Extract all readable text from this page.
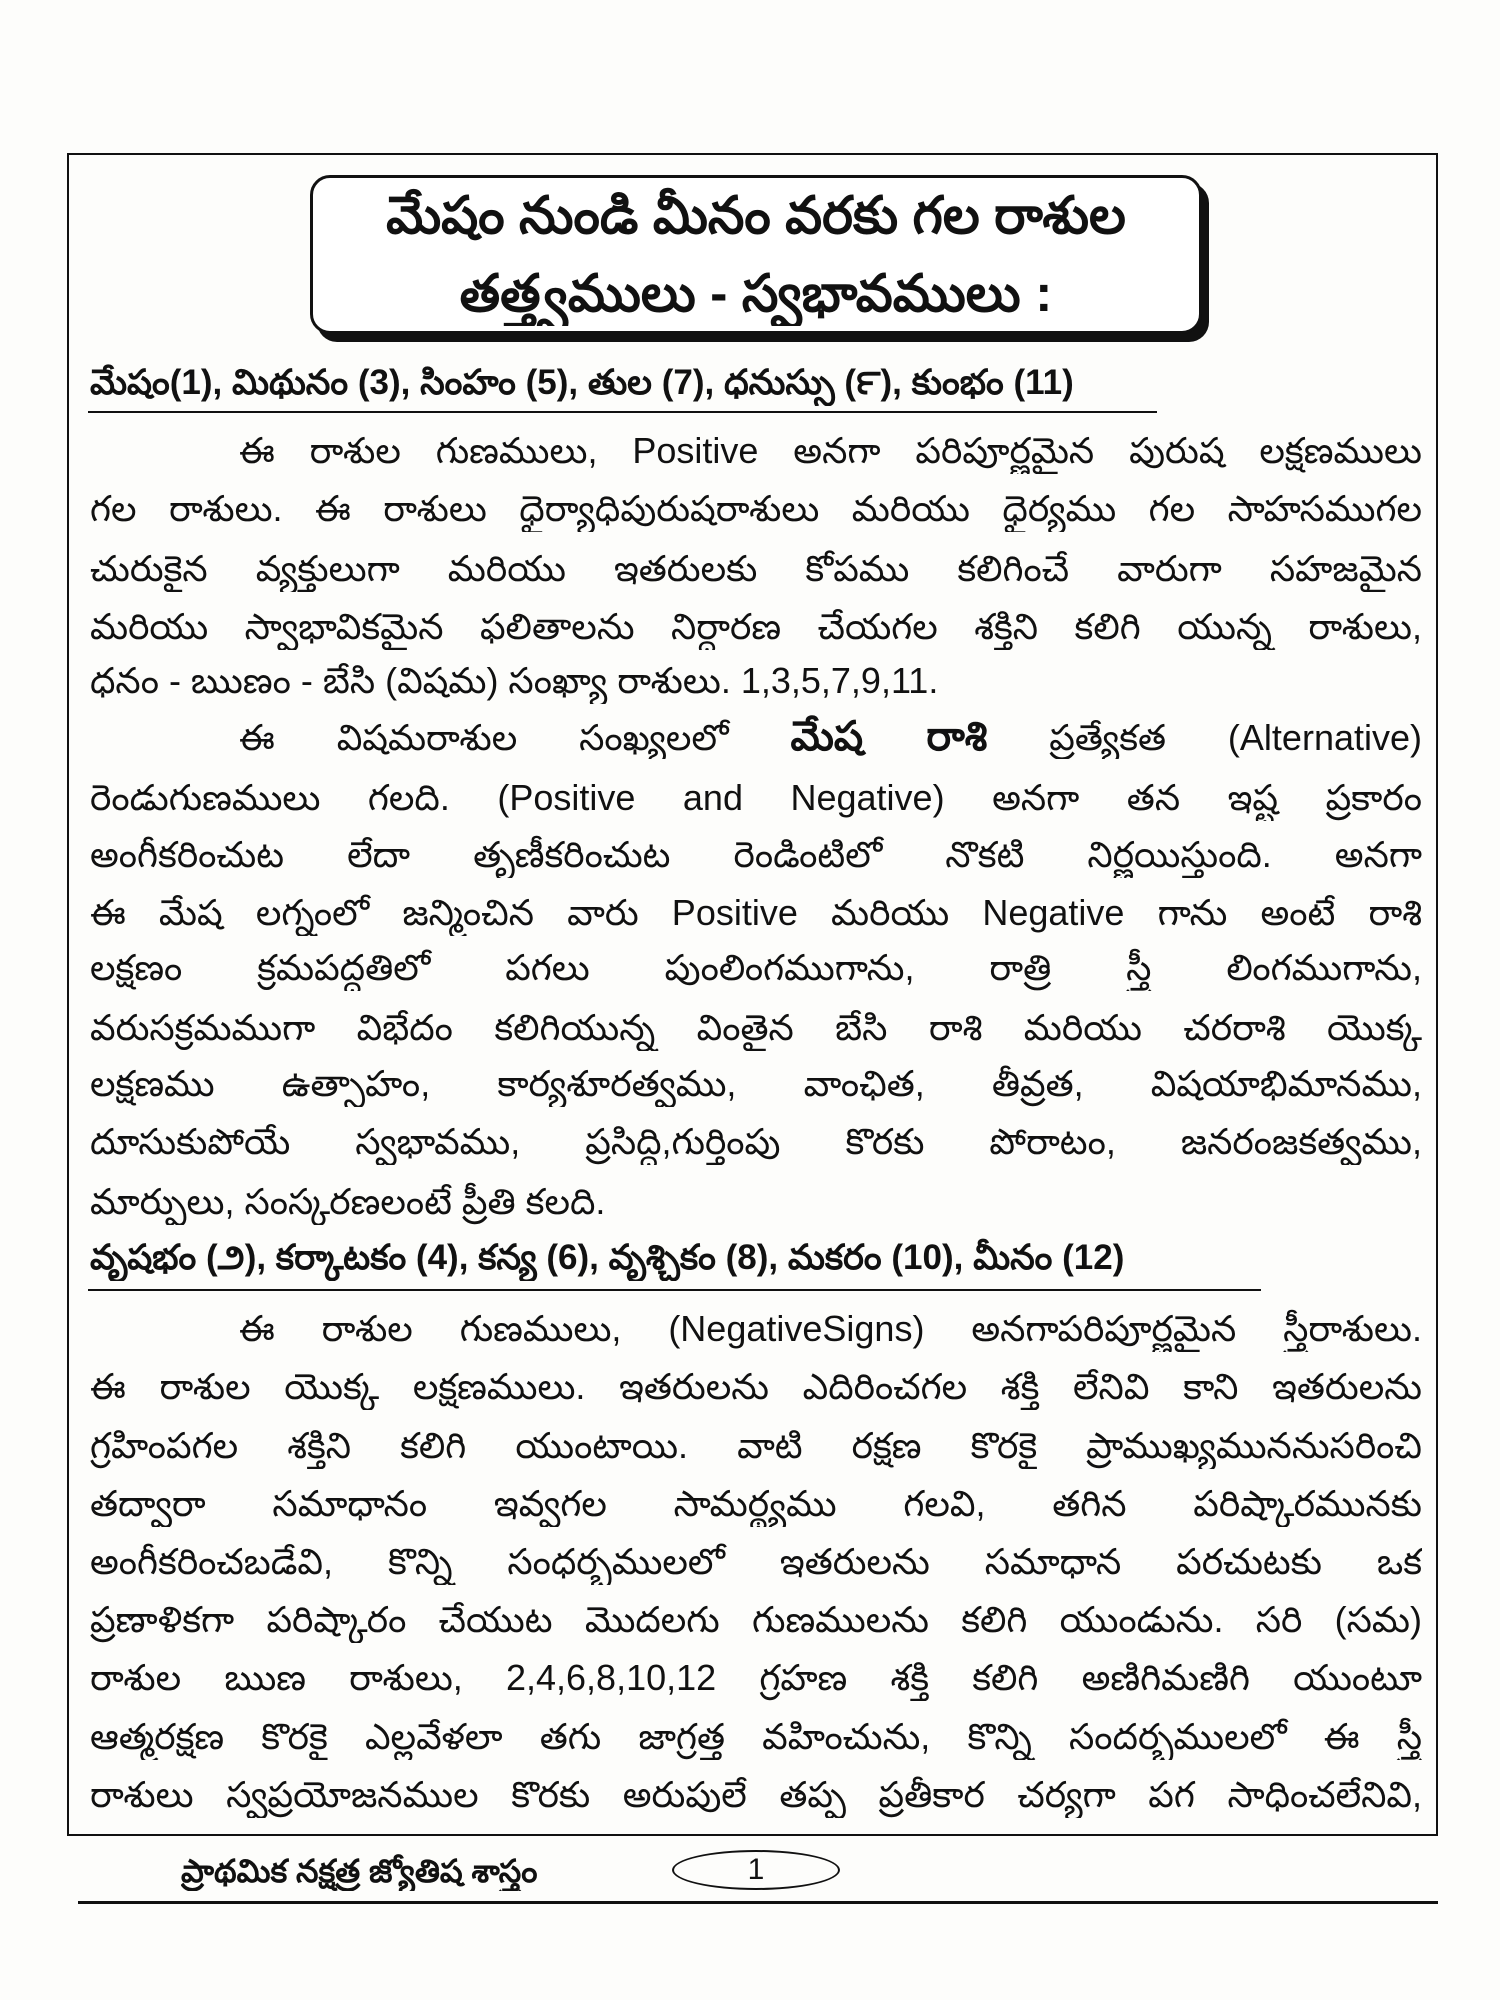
మేషం నుండి మీనం వరకు గల రాశుల
తత్త్వములు - స్వభావములు :
మేషం(1), మిథునం (3), సింహం (5), తుల (7), ధనుస్సు (౯), కుంభం (11)
ఈ రాశుల గుణములు, Positive అనగా పరిపూర్ణమైన పురుష లక్షణములు
గల రాశులు. ఈ రాశులు ధైర్యాధిపురుషరాశులు మరియు ధైర్యము గల సాహసముగల
చురుకైన వ్యక్తులుగా మరియు ఇతరులకు కోపము కలిగించే వారుగా సహజమైన
మరియు స్వాభావికమైన ఫలితాలను నిర్ధారణ చేయగల శక్తిని కలిగి యున్న రాశులు,
ధనం - ఋణం - బేసి (విషమ) సంఖ్యా రాశులు. 1,3,5,7,9,11.
ఈ విషమరాశుల సంఖ్యలలో మేష రాశి ప్రత్యేకత (Alternative)
రెండుగుణములు గలది. (Positive and Negative) అనగా తన ఇష్ట ప్రకారం
అంగీకరించుట లేదా తృణీకరించుట రెండింటిలో నొకటి నిర్ణయిస్తుంది. అనగా
ఈ మేష లగ్నంలో జన్మించిన వారు Positive మరియు Negative గాను అంటే రాశి
లక్షణం క్రమపద్ధతిలో పగలు పుంలింగముగాను, రాత్రి స్త్రీ లింగముగాను,
వరుసక్రమముగా విభేదం కలిగియున్న వింతైన బేసి రాశి మరియు చరరాశి యొక్క
లక్షణము ఉత్సాహం, కార్యశూరత్వము, వాంఛిత, తీవ్రత, విషయాభిమానము,
దూసుకుపోయే స్వభావము, ప్రసిద్ధి,గుర్తింపు కొరకు పోరాటం, జనరంజకత్వము,
మార్పులు, సంస్కరణలంటే ప్రీతి కలది.
వృషభం (౨), కర్కాటకం (4), కన్య (6), వృశ్చికం (8), మకరం (10), మీనం (12)
ఈ రాశుల గుణములు, (NegativeSigns) అనగాపరిపూర్ణమైన స్త్రీరాశులు.
ఈ రాశుల యొక్క లక్షణములు. ఇతరులను ఎదిరించగల శక్తి లేనివి కాని ఇతరులను
గ్రహింపగల శక్తిని కలిగి యుంటాయి. వాటి రక్షణ కొరకై ప్రాముఖ్యముననుసరించి
తద్వారా సమాధానం ఇవ్వగల సామర్థ్యము గలవి, తగిన పరిష్కారమునకు
అంగీకరించబడేవి, కొన్ని సంధర్భములలో ఇతరులను సమాధాన పరచుటకు ఒక
ప్రణాళికగా పరిష్కారం చేయుట మొదలగు గుణములను కలిగి యుండును. సరి (సమ)
రాశుల ఋణ రాశులు, 2,4,6,8,10,12 గ్రహణ శక్తి కలిగి అణిగిమణిగి యుంటూ
ఆత్మరక్షణ కొరకై ఎల్లవేళలా తగు జాగ్రత్త వహించును, కొన్ని సందర్భములలో ఈ స్త్రీ
రాశులు స్వప్రయోజనముల కొరకు అరుపులే తప్ప ప్రతీకార చర్యగా పగ సాధించలేనివి,
ప్రాథమిక నక్షత్ర జ్యోతిష శాస్త్రం	1
